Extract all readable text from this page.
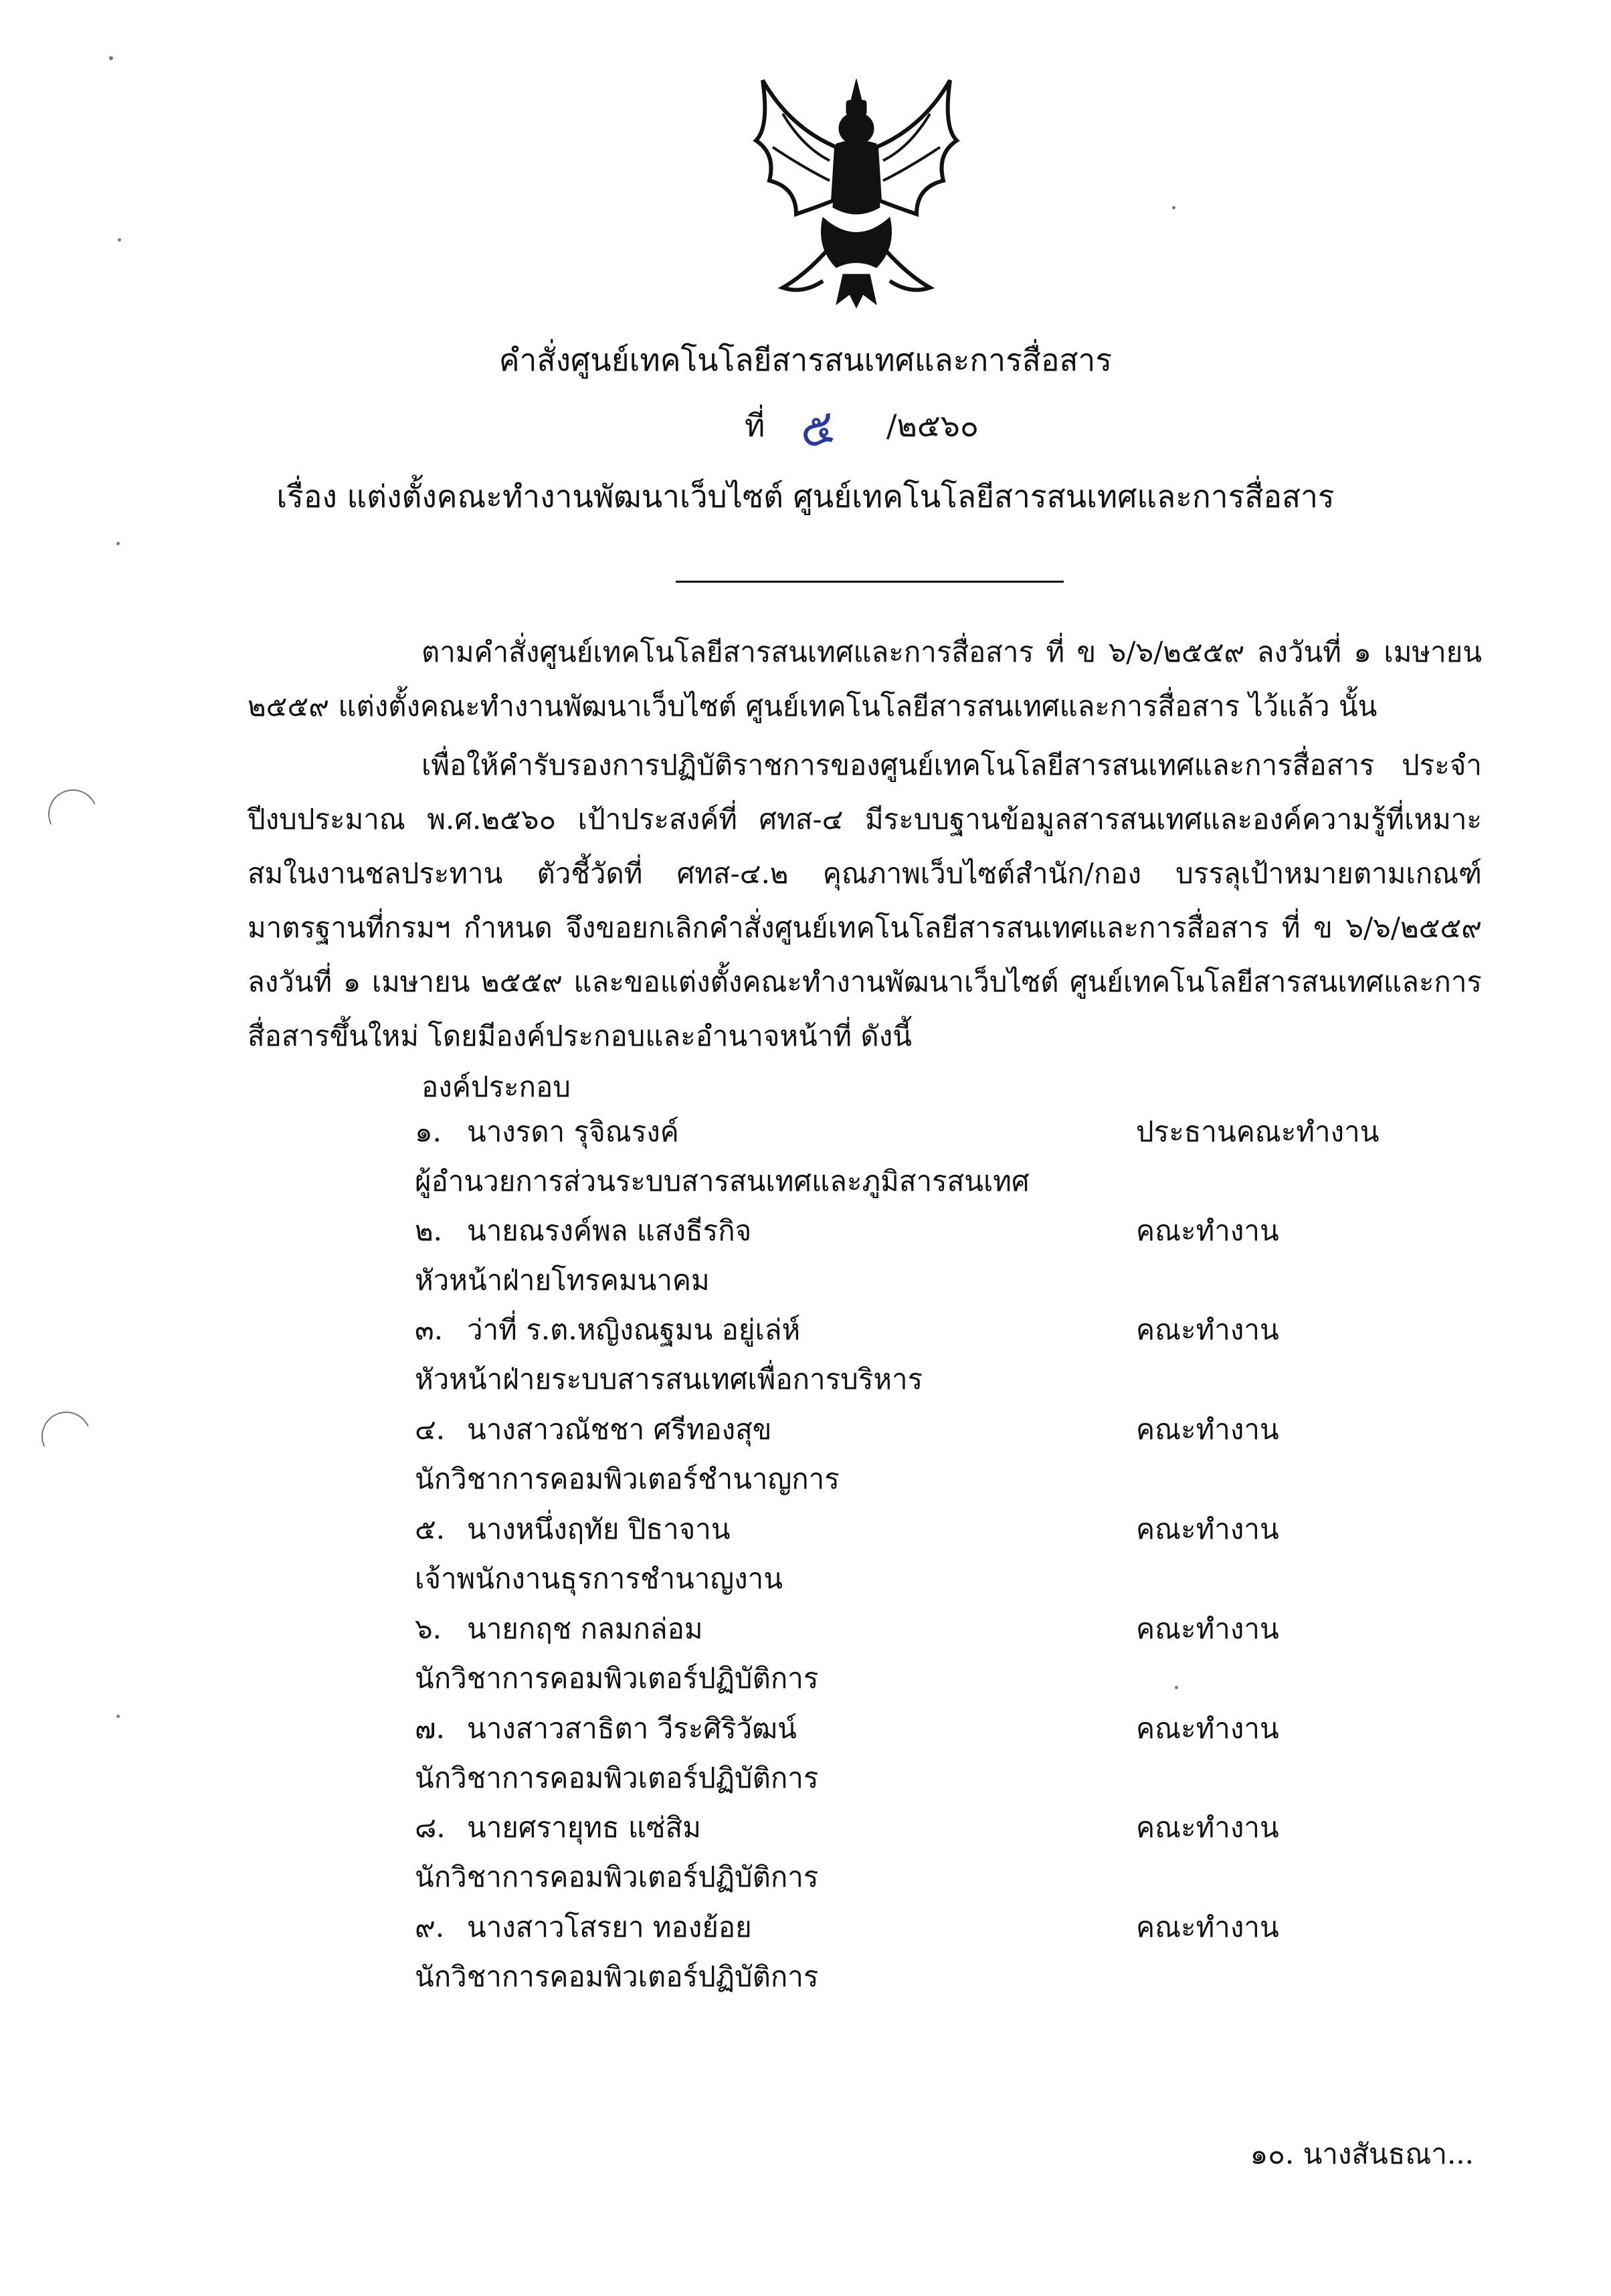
คำสั่งศูนย์เทคโนโลยีสารสนเทศและการสื่อสาร
ที่ ๕ /๒๕๖๐
เรื่อง แต่งตั้งคณะทำงานพัฒนาเว็บไซต์ ศูนย์เทคโนโลยีสารสนเทศและการสื่อสาร

ตามคำสั่งศูนย์เทคโนโลยีสารสนเทศและการสื่อสาร ที่ ข ๖/๖/๒๕๕๙ ลงวันที่ ๑ เมษายน ๒๕๕๙ แต่งตั้งคณะทำงานพัฒนาเว็บไซต์ ศูนย์เทคโนโลยีสารสนเทศและการสื่อสาร ไว้แล้ว นั้น

เพื่อให้คำรับรองการปฏิบัติราชการของศูนย์เทคโนโลยีสารสนเทศและการสื่อสาร ประจำปีงบประมาณ พ.ศ.๒๕๖๐ เป้าประสงค์ที่ ศทส-๔ มีระบบฐานข้อมูลสารสนเทศและองค์ความรู้ที่เหมาะสมในงานชลประทาน ตัวชี้วัดที่ ศทส-๔.๒ คุณภาพเว็บไซต์สำนัก/กอง บรรลุเป้าหมายตามเกณฑ์มาตรฐานที่กรมฯ กำหนด จึงขอยกเลิกคำสั่งศูนย์เทคโนโลยีสารสนเทศและการสื่อสาร ที่ ข ๖/๖/๒๕๕๙ ลงวันที่ ๑ เมษายน ๒๕๕๙ และขอแต่งตั้งคณะทำงานพัฒนาเว็บไซต์ ศูนย์เทคโนโลยีสารสนเทศและการสื่อสารขึ้นใหม่ โดยมีองค์ประกอบและอำนาจหน้าที่ ดังนี้

องค์ประกอบ
๑. นางรดา รุจิณรงค์	ประธานคณะทำงาน
ผู้อำนวยการส่วนระบบสารสนเทศและภูมิสารสนเทศ
๒. นายณรงค์พล แสงธีรกิจ	คณะทำงาน
หัวหน้าฝ่ายโทรคมนาคม
๓. ว่าที่ ร.ต.หญิงณฐมน อยู่เล่ห์	คณะทำงาน
หัวหน้าฝ่ายระบบสารสนเทศเพื่อการบริหาร
๔. นางสาวณัชชา ศรีทองสุข	คณะทำงาน
นักวิชาการคอมพิวเตอร์ชำนาญการ
๕. นางหนึ่งฤทัย ปิธาจาน	คณะทำงาน
เจ้าพนักงานธุรการชำนาญงาน
๖. นายกฤช กลมกล่อม	คณะทำงาน
นักวิชาการคอมพิวเตอร์ปฏิบัติการ
๗. นางสาวสาธิตา วีระศิริวัฒน์	คณะทำงาน
นักวิชาการคอมพิวเตอร์ปฏิบัติการ
๘. นายศรายุทธ แซ่สิม	คณะทำงาน
นักวิชาการคอมพิวเตอร์ปฏิบัติการ
๙. นางสาวโสรยา ทองย้อย	คณะทำงาน
นักวิชาการคอมพิวเตอร์ปฏิบัติการ
๑๐. นางสันธณา...
